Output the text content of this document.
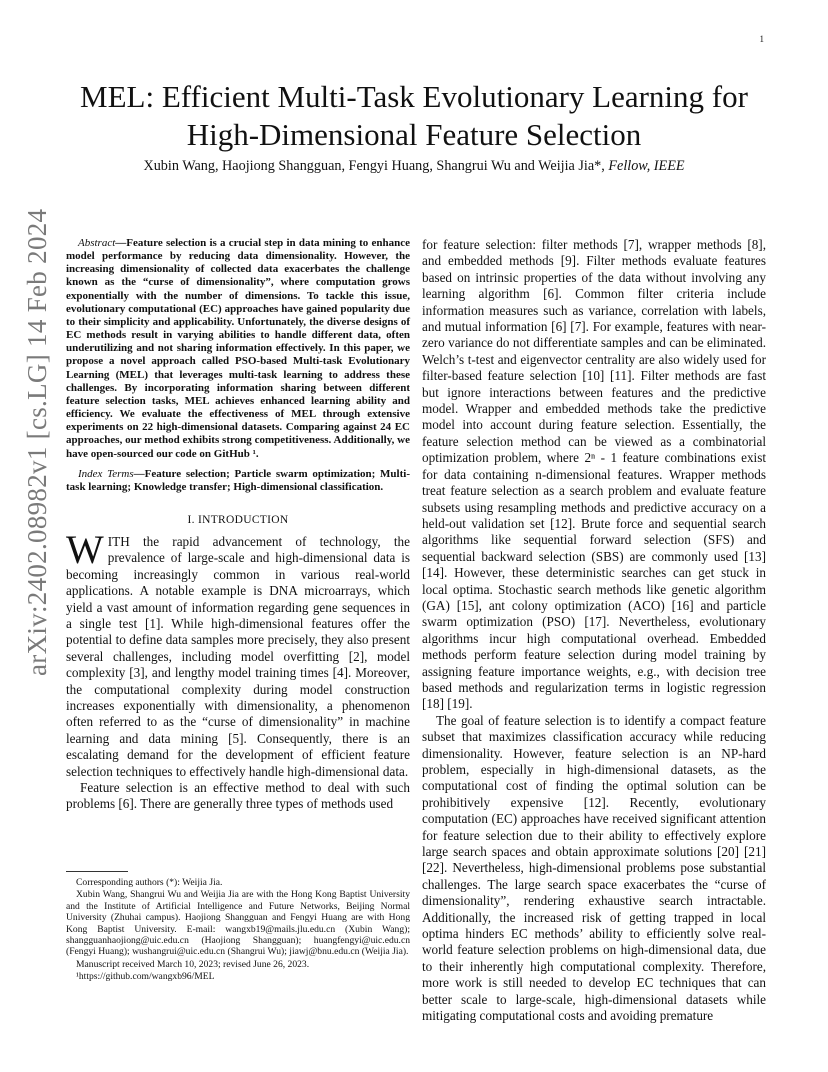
1
arXiv:2402.08982v1 [cs.LG] 14 Feb 2024
MEL: Efficient Multi-Task Evolutionary Learning for High-Dimensional Feature Selection
Xubin Wang, Haojiong Shangguan, Fengyi Huang, Shangrui Wu and Weijia Jia*, Fellow, IEEE

Abstract—Feature selection is a crucial step in data mining to enhance model performance by reducing data dimensionality. However, the increasing dimensionality of collected data exacerbates the challenge known as the “curse of dimensionality”, where computation grows exponentially with the number of dimensions. To tackle this issue, evolutionary computational (EC) approaches have gained popularity due to their simplicity and applicability. Unfortunately, the diverse designs of EC methods result in varying abilities to handle different data, often underutilizing and not sharing information effectively. In this paper, we propose a novel approach called PSO-based Multi-task Evolutionary Learning (MEL) that leverages multi-task learning to address these challenges. By incorporating information sharing between different feature selection tasks, MEL achieves enhanced learning ability and efficiency. We evaluate the effectiveness of MEL through extensive experiments on 22 high-dimensional datasets. Comparing against 24 EC approaches, our method exhibits strong competitiveness. Additionally, we have open-sourced our code on GitHub ¹.

Index Terms—Feature selection; Particle swarm optimization; Multi-task learning; Knowledge transfer; High-dimensional classification.

I. INTRODUCTION

WITH the rapid advancement of technology, the prevalence of large-scale and high-dimensional data is becoming increasingly common in various real-world applications. A notable example is DNA microarrays, which yield a vast amount of information regarding gene sequences in a single test [1]. While high-dimensional features offer the potential to define data samples more precisely, they also present several challenges, including model overfitting [2], model complexity [3], and lengthy model training times [4]. Moreover, the computational complexity during model construction increases exponentially with dimensionality, a phenomenon often referred to as the “curse of dimensionality” in machine learning and data mining [5]. Consequently, there is an escalating demand for the development of efficient feature selection techniques to effectively handle high-dimensional data.

Feature selection is an effective method to deal with such problems [6]. There are generally three types of methods used

Corresponding authors (*): Weijia Jia.

Xubin Wang, Shangrui Wu and Weijia Jia are with the Hong Kong Baptist University and the Institute of Artificial Intelligence and Future Networks, Beijing Normal University (Zhuhai campus). Haojiong Shangguan and Fengyi Huang are with Hong Kong Baptist University. E-mail: wangxb19@mails.jlu.edu.cn (Xubin Wang); shangguanhaojiong@uic.edu.cn (Haojiong Shangguan); huangfengyi@uic.edu.cn (Fengyi Huang); wushangrui@uic.edu.cn (Shangrui Wu); jiawj@bnu.edu.cn (Weijia Jia).

Manuscript received March 10, 2023; revised June 26, 2023.

¹https://github.com/wangxb96/MEL

for feature selection: filter methods [7], wrapper methods [8], and embedded methods [9]. Filter methods evaluate features based on intrinsic properties of the data without involving any learning algorithm [6]. Common filter criteria include information measures such as variance, correlation with labels, and mutual information [6] [7]. For example, features with near-zero variance do not differentiate samples and can be eliminated. Welch’s t-test and eigenvector centrality are also widely used for filter-based feature selection [10] [11]. Filter methods are fast but ignore interactions between features and the predictive model. Wrapper and embedded methods take the predictive model into account during feature selection. Essentially, the feature selection method can be viewed as a combinatorial optimization problem, where 2ⁿ - 1 feature combinations exist for data containing n-dimensional features. Wrapper methods treat feature selection as a search problem and evaluate feature subsets using resampling methods and predictive accuracy on a held-out validation set [12]. Brute force and sequential search algorithms like sequential forward selection (SFS) and sequential backward selection (SBS) are commonly used [13] [14]. However, these deterministic searches can get stuck in local optima. Stochastic search methods like genetic algorithm (GA) [15], ant colony optimization (ACO) [16] and particle swarm optimization (PSO) [17]. Nevertheless, evolutionary algorithms incur high computational overhead. Embedded methods perform feature selection during model training by assigning feature importance weights, e.g., with decision tree based methods and regularization terms in logistic regression [18] [19].

The goal of feature selection is to identify a compact feature subset that maximizes classification accuracy while reducing dimensionality. However, feature selection is an NP-hard problem, especially in high-dimensional datasets, as the computational cost of finding the optimal solution can be prohibitively expensive [12]. Recently, evolutionary computation (EC) approaches have received significant attention for feature selection due to their ability to effectively explore large search spaces and obtain approximate solutions [20] [21] [22]. Nevertheless, high-dimensional problems pose substantial challenges. The large search space exacerbates the “curse of dimensionality”, rendering exhaustive search intractable. Additionally, the increased risk of getting trapped in local optima hinders EC methods’ ability to efficiently solve real-world feature selection problems on high-dimensional data, due to their inherently high computational complexity. Therefore, more work is still needed to develop EC techniques that can better scale to large-scale, high-dimensional datasets while mitigating computational costs and avoiding premature
